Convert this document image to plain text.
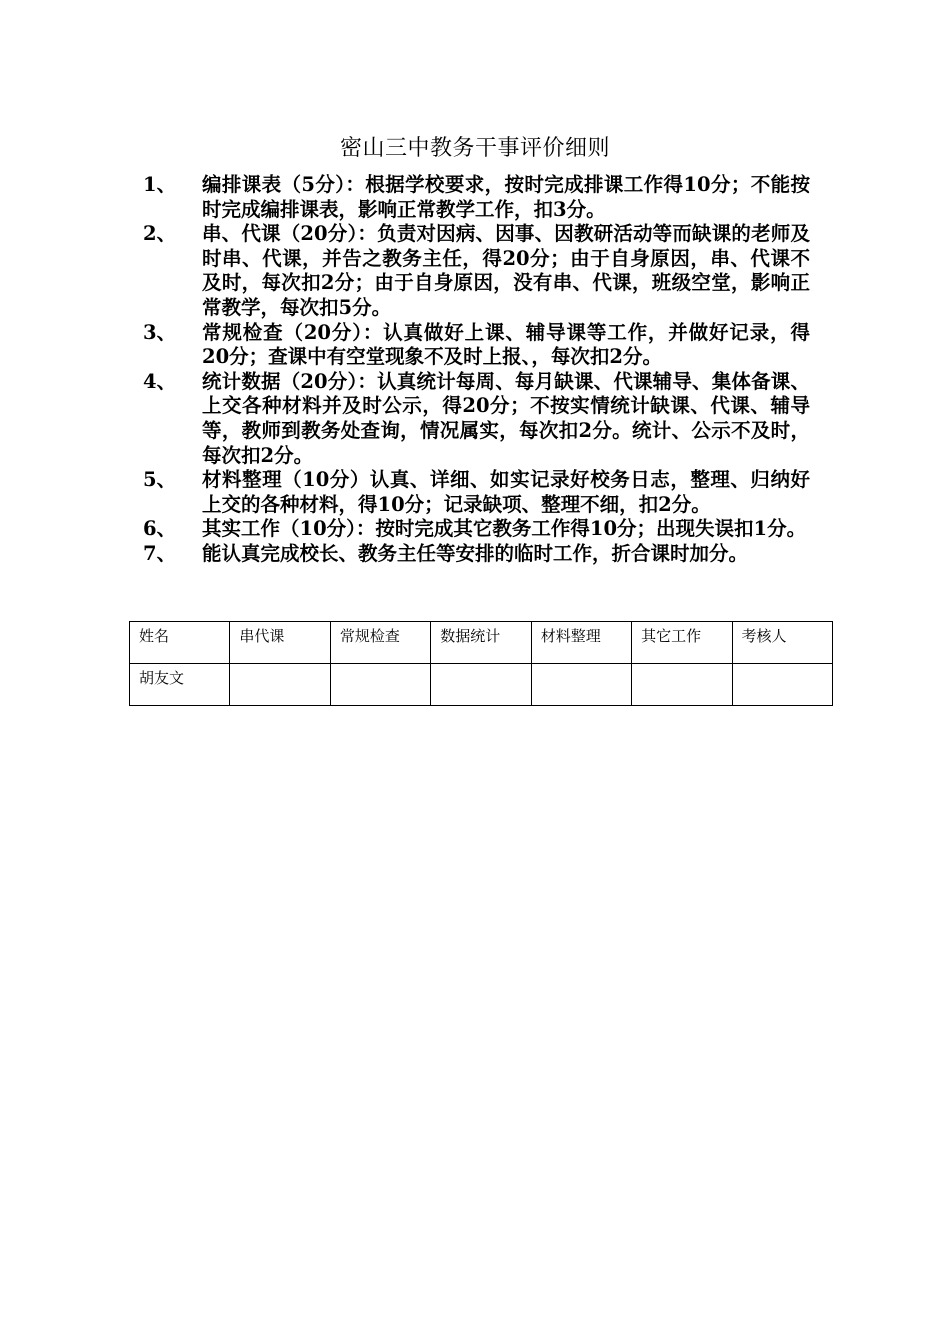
密山三中教务干事评价细则
1、	编排课表（5分）：根据学校要求，按时完成排课工作得10分；不能按时完成编排课表，影响正常教学工作，扣3分。
2、	串、代课（20分）：负责对因病、因事、因教研活动等而缺课的老师及时串、代课，并告之教务主任，得20分；由于自身原因，串、代课不及时，每次扣2分；由于自身原因，没有串、代课，班级空堂，影响正常教学，每次扣5分。
3、	常规检查（20分）：认真做好上课、辅导课等工作，并做好记录，得20分；查课中有空堂现象不及时上报、，每次扣2分。
4、	统计数据（20分）：认真统计每周、每月缺课、代课辅导、集体备课、上交各种材料并及时公示，得20分；不按实情统计缺课、代课、辅导等，教师到教务处查询，情况属实，每次扣2分。统计、公示不及时，每次扣2分。
5、	材料整理（10分）认真、详细、如实记录好校务日志，整理、归纳好上交的各种材料，得10分；记录缺项、整理不细，扣2分。
6、	其实工作（10分）：按时完成其它教务工作得10分；出现失误扣1分。
7、	能认真完成校长、教务主任等安排的临时工作，折合课时加分。
姓名	串代课	常规检查	数据统计	材料整理	其它工作	考核人
胡友文						
